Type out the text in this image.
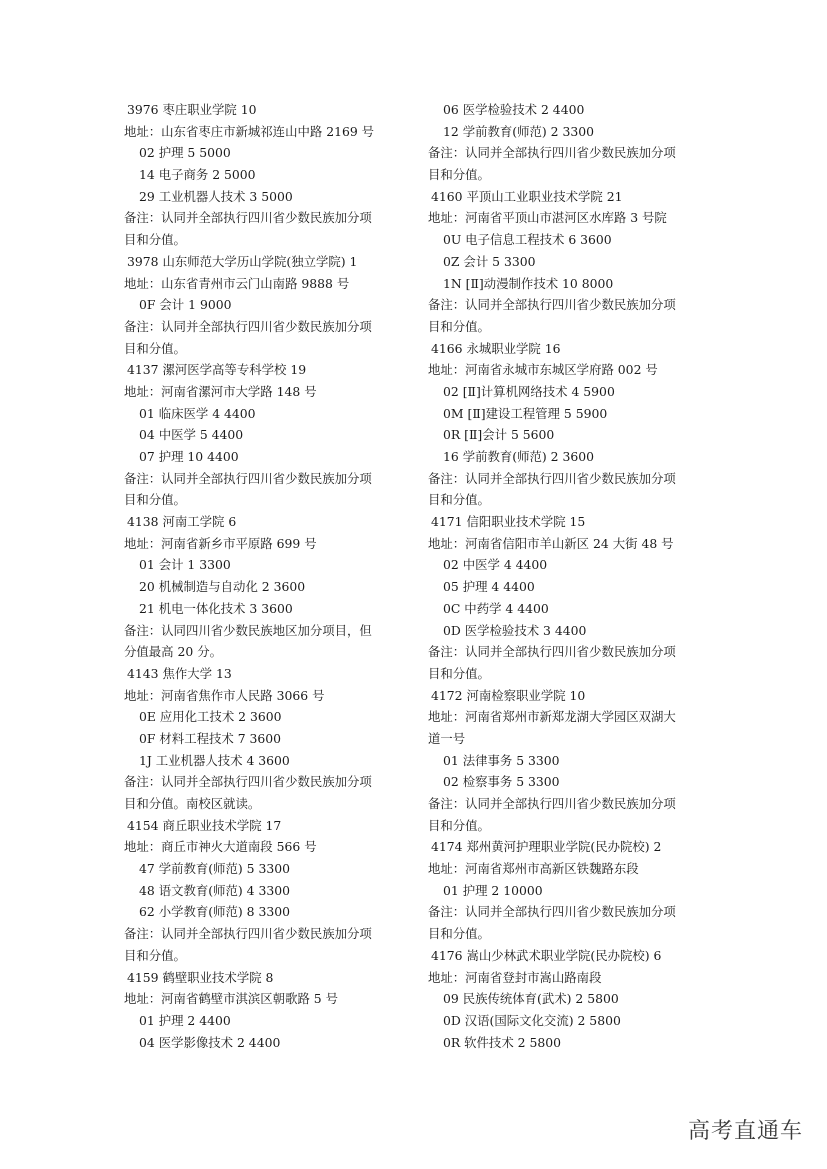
3976 枣庄职业学院 10
地址：山东省枣庄市新城祁连山中路 2169 号
02 护理 5 5000
14 电子商务 2 5000
29 工业机器人技术 3 5000
备注：认同并全部执行四川省少数民族加分项
目和分值。
3978 山东师范大学历山学院(独立学院) 1
地址：山东省青州市云门山南路 9888 号
0F 会计 1 9000
备注：认同并全部执行四川省少数民族加分项
目和分值。
4137 漯河医学高等专科学校 19
地址：河南省漯河市大学路 148 号
01 临床医学 4 4400
04 中医学 5 4400
07 护理 10 4400
备注：认同并全部执行四川省少数民族加分项
目和分值。
4138 河南工学院 6
地址：河南省新乡市平原路 699 号
01 会计 1 3300
20 机械制造与自动化 2 3600
21 机电一体化技术 3 3600
备注：认同四川省少数民族地区加分项目，但
分值最高 20 分。
4143 焦作大学 13
地址：河南省焦作市人民路 3066 号
0E 应用化工技术 2 3600
0F 材料工程技术 7 3600
1J 工业机器人技术 4 3600
备注：认同并全部执行四川省少数民族加分项
目和分值。南校区就读。
4154 商丘职业技术学院 17
地址：商丘市神火大道南段 566 号
47 学前教育(师范) 5 3300
48 语文教育(师范) 4 3300
62 小学教育(师范) 8 3300
备注：认同并全部执行四川省少数民族加分项
目和分值。
4159 鹤壁职业技术学院 8
地址：河南省鹤壁市淇滨区朝歌路 5 号
01 护理 2 4400
04 医学影像技术 2 4400
06 医学检验技术 2 4400
12 学前教育(师范) 2 3300
备注：认同并全部执行四川省少数民族加分项
目和分值。
4160 平顶山工业职业技术学院 21
地址：河南省平顶山市湛河区水库路 3 号院
0U 电子信息工程技术 6 3600
0Z 会计 5 3300
1N [Ⅱ]动漫制作技术 10 8000
备注：认同并全部执行四川省少数民族加分项
目和分值。
4166 永城职业学院 16
地址：河南省永城市东城区学府路 002 号
02 [Ⅱ]计算机网络技术 4 5900
0M [Ⅱ]建设工程管理 5 5900
0R [Ⅱ]会计 5 5600
16 学前教育(师范) 2 3600
备注：认同并全部执行四川省少数民族加分项
目和分值。
4171 信阳职业技术学院 15
地址：河南省信阳市羊山新区 24 大街 48 号
02 中医学 4 4400
05 护理 4 4400
0C 中药学 4 4400
0D 医学检验技术 3 4400
备注：认同并全部执行四川省少数民族加分项
目和分值。
4172 河南检察职业学院 10
地址：河南省郑州市新郑龙湖大学园区双湖大
道一号
01 法律事务 5 3300
02 检察事务 5 3300
备注：认同并全部执行四川省少数民族加分项
目和分值。
4174 郑州黄河护理职业学院(民办院校) 2
地址：河南省郑州市高新区铁魏路东段
01 护理 2 10000
备注：认同并全部执行四川省少数民族加分项
目和分值。
4176 嵩山少林武术职业学院(民办院校) 6
地址：河南省登封市嵩山路南段
09 民族传统体育(武术) 2 5800
0D 汉语(国际文化交流) 2 5800
0R 软件技术 2 5800
高考直通车
